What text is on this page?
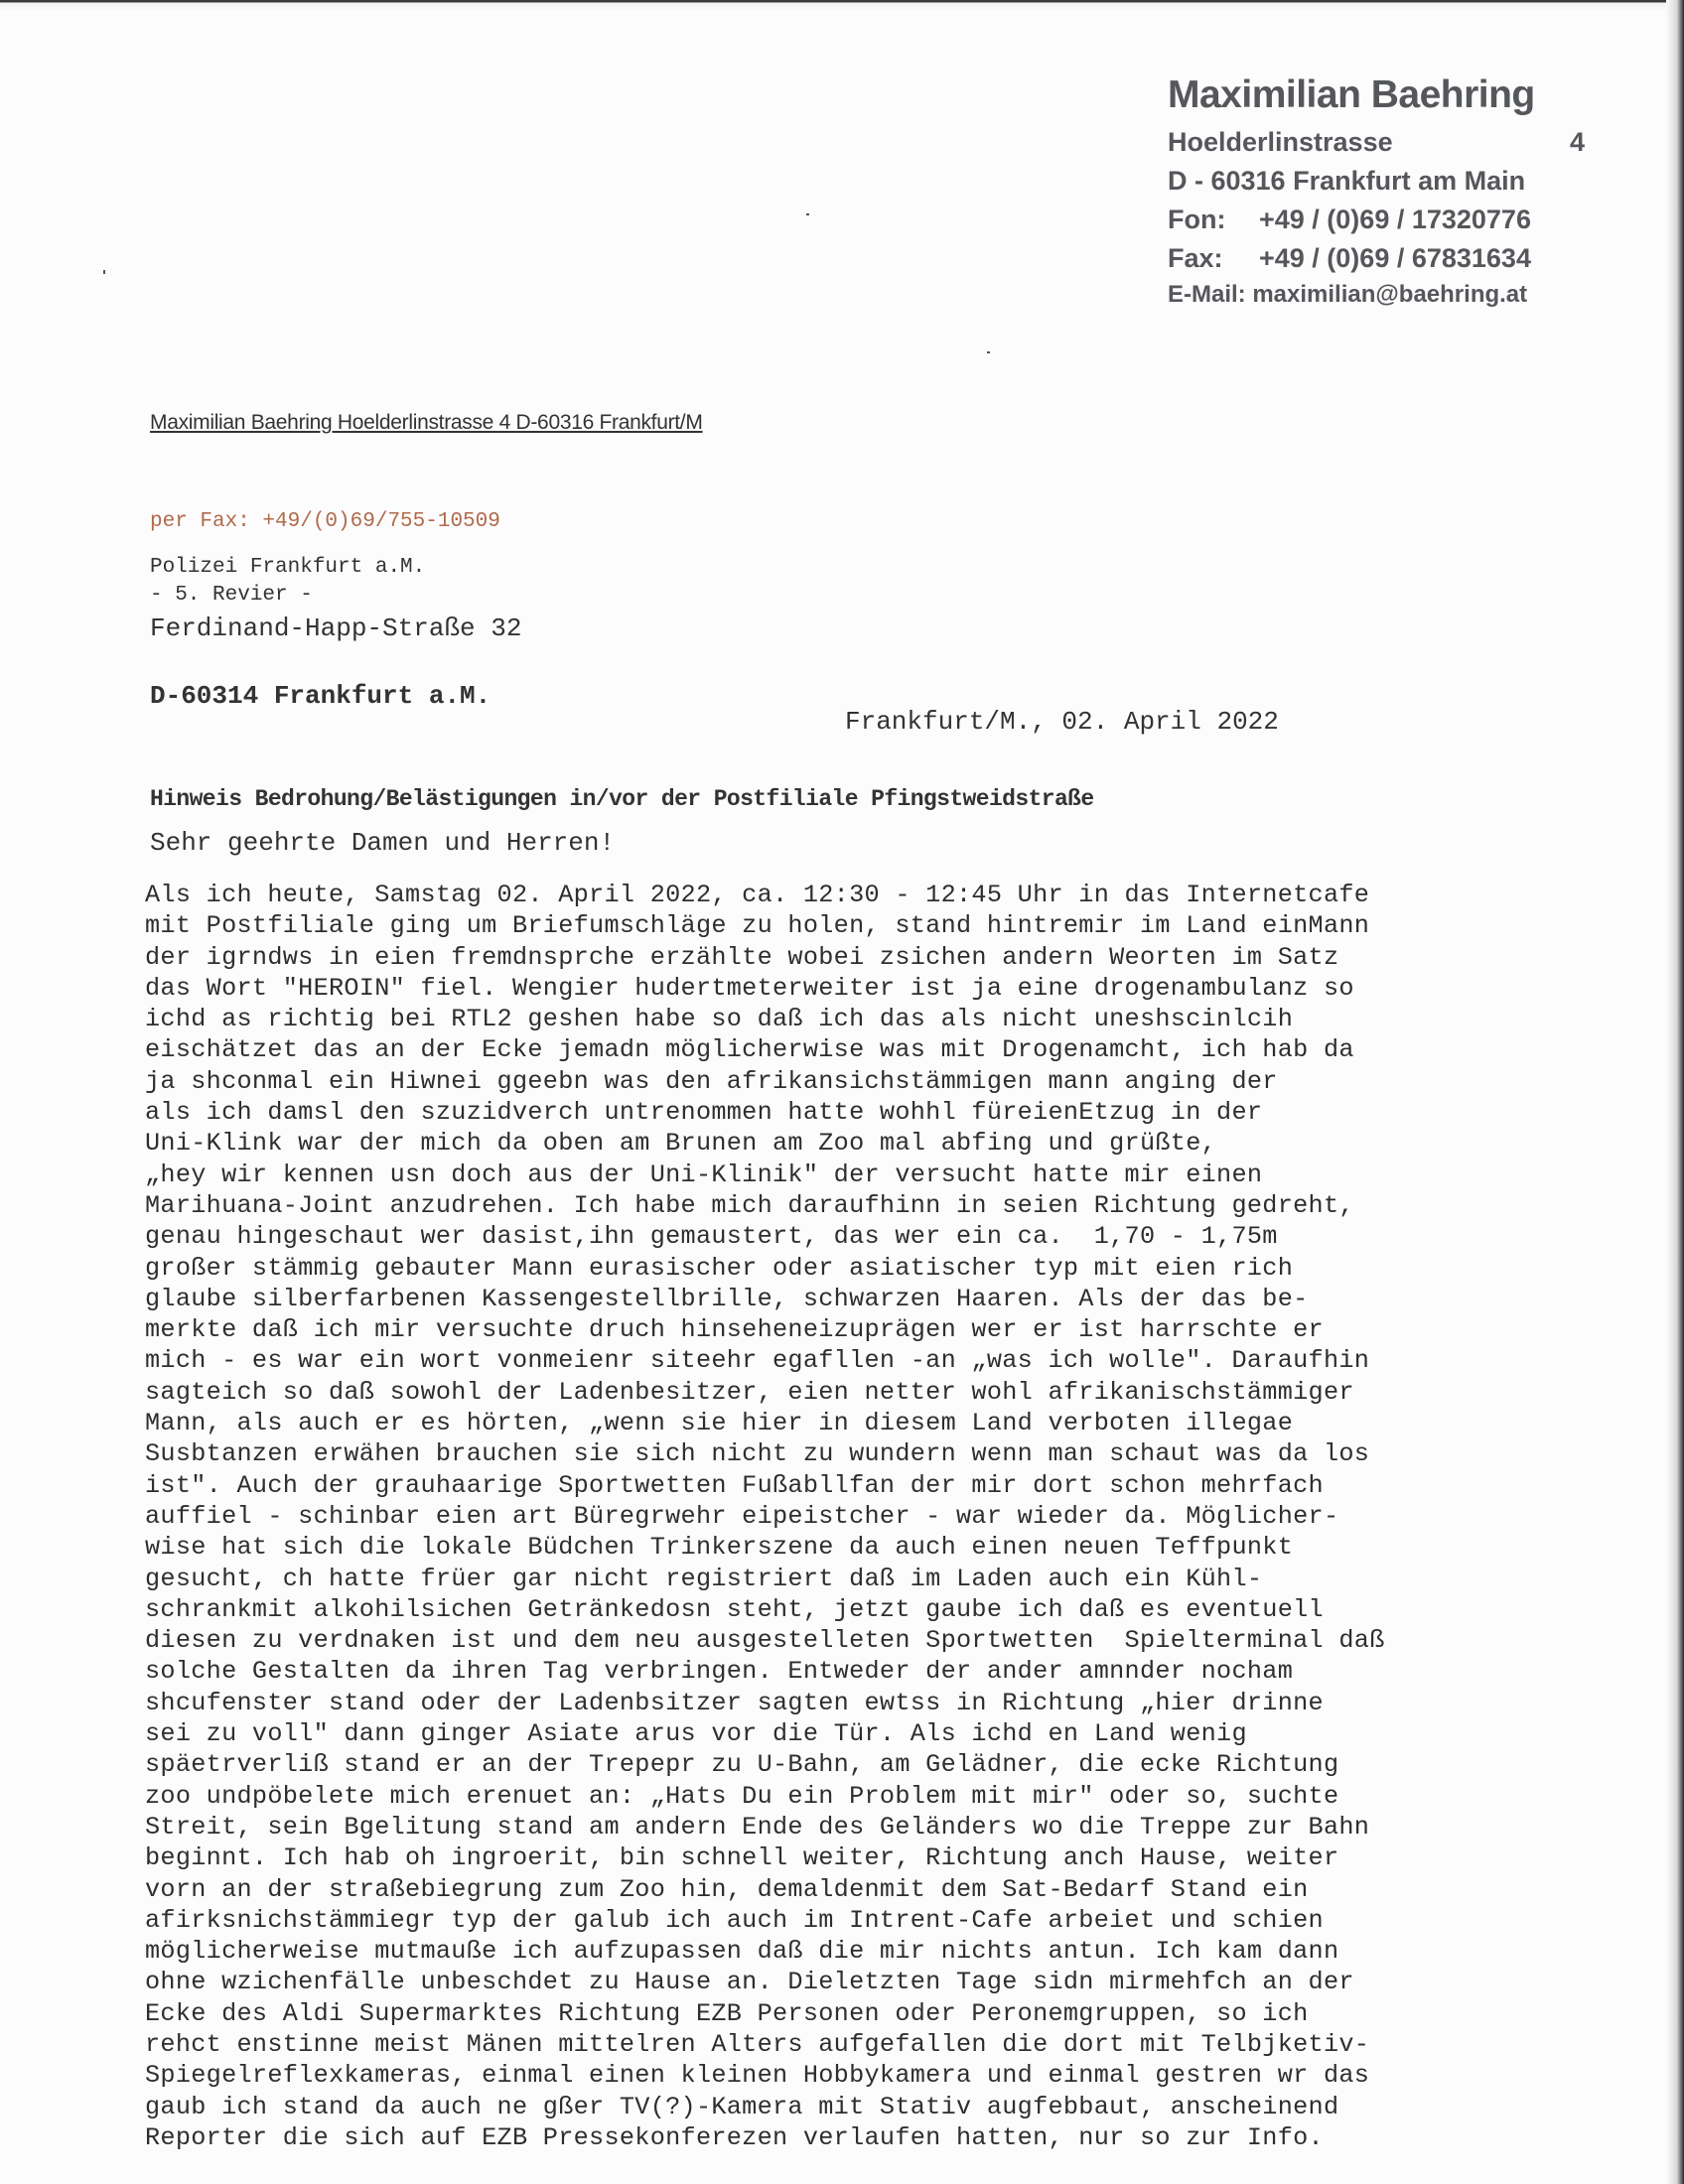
Maximilian Baehring
Hoelderlinstrasse	4
D - 60316 Frankfurt am Main
Fon: +49 / (0)69 / 17320776
Fax: +49 / (0)69 / 67831634
E-Mail: maximilian@baehring.at
Maximilian Baehring Hoelderlinstrasse 4 D-60316 Frankfurt/M
per Fax: +49/(0)69/755-10509
Polizei Frankfurt a.M.
- 5. Revier -
Ferdinand-Happ-Straße 32
D-60314 Frankfurt a.M.
Frankfurt/M., 02. April 2022
Hinweis Bedrohung/Belästigungen in/vor der Postfiliale Pfingstweidstraße
Sehr geehrte Damen und Herren!
Als ich heute, Samstag 02. April 2022, ca. 12:30 - 12:45 Uhr in das Internetcafe
mit Postfiliale ging um Briefumschläge zu holen, stand hintremir im Land einMann
der igrndws in eien fremdnsprche erzählte wobei zsichen andern Weorten im Satz
das Wort "HEROIN" fiel. Wengier hudertmeterweiter ist ja eine drogenambulanz so
ichd as richtig bei RTL2 geshen habe so daß ich das als nicht uneshscinlcih
eischätzet das an der Ecke jemadn möglicherwise was mit Drogenamcht, ich hab da
ja shconmal ein Hiwnei ggeebn was den afrikansichstämmigen mann anging der
als ich damsl den szuzidverch untrenommen hatte wohhl füreienEtzug in der
Uni-Klink war der mich da oben am Brunen am Zoo mal abfing und grüßte,
„hey wir kennen usn doch aus der Uni-Klinik" der versucht hatte mir einen
Marihuana-Joint anzudrehen. Ich habe mich daraufhinn in seien Richtung gedreht,
genau hingeschaut wer dasist,ihn gemaustert, das wer ein ca.  1,70 - 1,75m
großer stämmig gebauter Mann eurasischer oder asiatischer typ mit eien rich
glaube silberfarbenen Kassengestellbrille, schwarzen Haaren. Als der das be-
merkte daß ich mir versuchte druch hinseheneizuprägen wer er ist harrschte er
mich - es war ein wort vonmeienr siteehr egafllen -an „was ich wolle". Daraufhin
sagteich so daß sowohl der Ladenbesitzer, eien netter wohl afrikanischstämmiger
Mann, als auch er es hörten, „wenn sie hier in diesem Land verboten illegae
Susbtanzen erwähen brauchen sie sich nicht zu wundern wenn man schaut was da los
ist". Auch der grauhaarige Sportwetten Fußabllfan der mir dort schon mehrfach
auffiel - schinbar eien art Büregrwehr eipeistcher - war wieder da. Möglicher-
wise hat sich die lokale Büdchen Trinkerszene da auch einen neuen Teffpunkt
gesucht, ch hatte früer gar nicht registriert daß im Laden auch ein Kühl-
schrankmit alkohilsichen Getränkedosn steht, jetzt gaube ich daß es eventuell
diesen zu verdnaken ist und dem neu ausgestelleten Sportwetten  Spielterminal daß
solche Gestalten da ihren Tag verbringen. Entweder der ander amnnder nocham
shcufenster stand oder der Ladenbsitzer sagten ewtss in Richtung „hier drinne
sei zu voll" dann ginger Asiate arus vor die Tür. Als ichd en Land wenig
späetrverliß stand er an der Trepepr zu U-Bahn, am Gelädner, die ecke Richtung
zoo undpöbelete mich erenuet an: „Hats Du ein Problem mit mir" oder so, suchte
Streit, sein Bgelitung stand am andern Ende des Geländers wo die Treppe zur Bahn
beginnt. Ich hab oh ingroerit, bin schnell weiter, Richtung anch Hause, weiter
vorn an der straßebiegrung zum Zoo hin, demaldenmit dem Sat-Bedarf Stand ein
afirksnichstämmiegr typ der galub ich auch im Intrent-Cafe arbeiet und schien
möglicherweise mutmauße ich aufzupassen daß die mir nichts antun. Ich kam dann
ohne wzichenfälle unbeschdet zu Hause an. Dieletzten Tage sidn mirmehfch an der
Ecke des Aldi Supermarktes Richtung EZB Personen oder Peronemgruppen, so ich
rehct enstinne meist Mänen mittelren Alters aufgefallen die dort mit Telbjketiv-
Spiegelreflexkameras, einmal einen kleinen Hobbykamera und einmal gestren wr das
gaub ich stand da auch ne gßer TV(?)-Kamera mit Stativ augfebbaut, anscheinend
Reporter die sich auf EZB Pressekonferezen verlaufen hatten, nur so zur Info.
